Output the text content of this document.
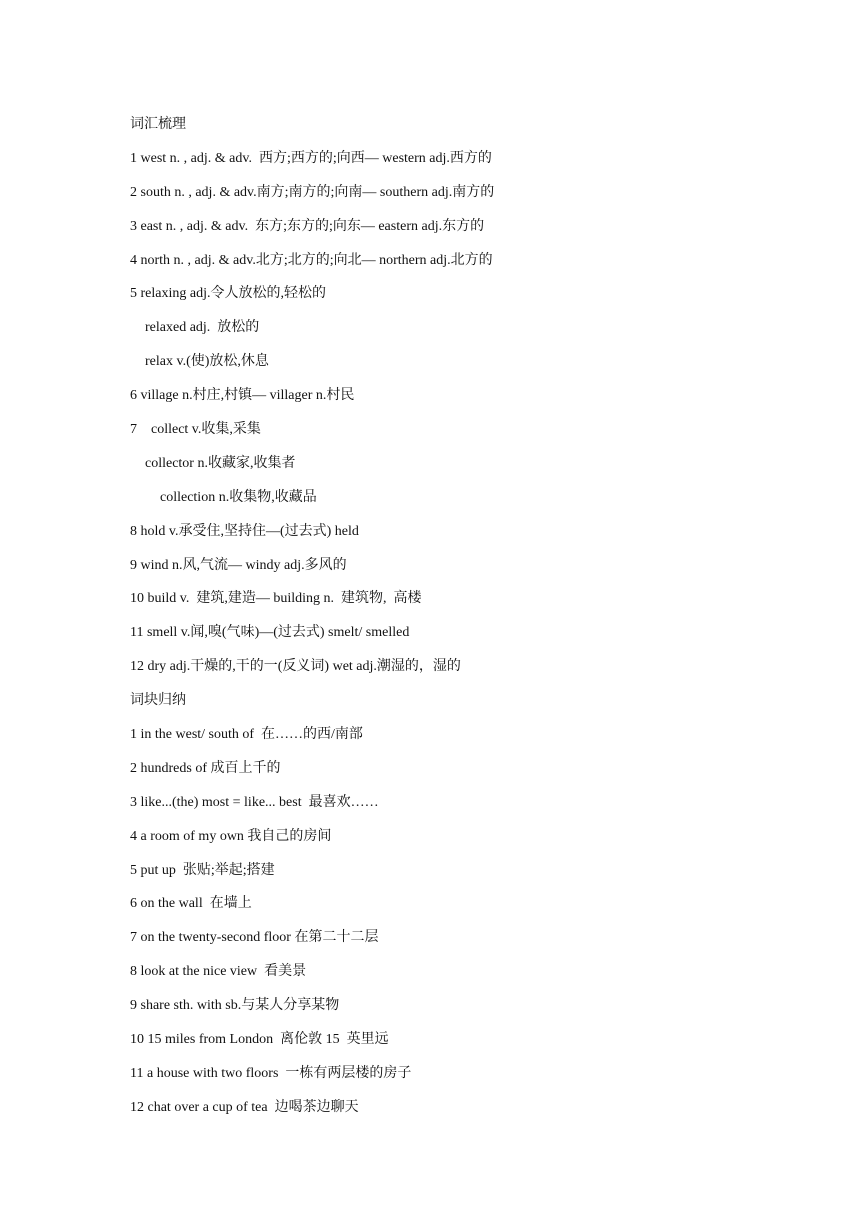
词汇梳理
1 west n. , adj. & adv.  西方;西方的;向西— western adj.西方的
2 south n. , adj. & adv.南方;南方的;向南— southern adj.南方的
3 east n. , adj. & adv.  东方;东方的;向东— eastern adj.东方的
4 north n. , adj. & adv.北方;北方的;向北— northern adj.北方的
5 relaxing adj.令人放松的,轻松的
relaxed adj.  放松的
relax v.(使)放松,休息
6 village n.村庄,村镇— villager n.村民
7    collect v.收集,采集
collector n.收藏家,收集者
collection n.收集物,收藏品
8 hold v.承受住,坚持住—(过去式) held
9 wind n.风,气流— windy adj.多风的
10 build v.  建筑,建造— building n.  建筑物,  高楼
11 smell v.闻,嗅(气味)—(过去式) smelt/ smelled
12 dry adj.干燥的,干的一(反义词) wet adj.潮湿的，湿的
词块归纳
1 in the west/ south of  在……的西/南部
2 hundreds of 成百上千的
3 like...(the) most = like... best  最喜欢……
4 a room of my own 我自己的房间
5 put up  张贴;举起;搭建
6 on the wall  在墙上
7 on the twenty-second floor 在第二十二层
8 look at the nice view  看美景
9 share sth. with sb.与某人分享某物
10 15 miles from London  离伦敦 15  英里远
11 a house with two floors  一栋有两层楼的房子
12 chat over a cup of tea  边喝茶边聊天
